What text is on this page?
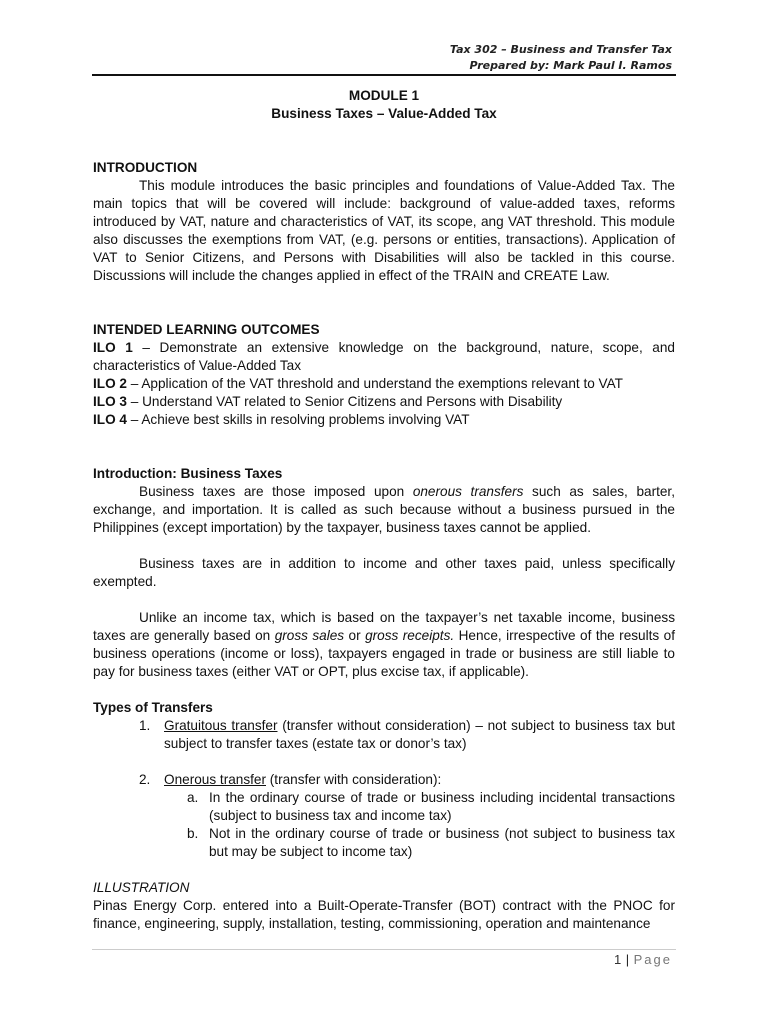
Tax 302 – Business and Transfer Tax
Prepared by: Mark Paul I. Ramos
MODULE 1
Business Taxes – Value-Added Tax

INTRODUCTION

This module introduces the basic principles and foundations of Value-Added Tax. The main topics that will be covered will include: background of value-added taxes, reforms introduced by VAT, nature and characteristics of VAT, its scope, ang VAT threshold. This module also discusses the exemptions from VAT, (e.g. persons or entities, transactions). Application of VAT to Senior Citizens, and Persons with Disabilities will also be tackled in this course. Discussions will include the changes applied in effect of the TRAIN and CREATE Law.

INTENDED LEARNING OUTCOMES

ILO 1 – Demonstrate an extensive knowledge on the background, nature, scope, and characteristics of Value-Added Tax

ILO 2 – Application of the VAT threshold and understand the exemptions relevant to VAT

ILO 3 – Understand VAT related to Senior Citizens and Persons with Disability

ILO 4 – Achieve best skills in resolving problems involving VAT

Introduction: Business Taxes

Business taxes are those imposed upon onerous transfers such as sales, barter, exchange, and importation. It is called as such because without a business pursued in the Philippines (except importation) by the taxpayer, business taxes cannot be applied.

Business taxes are in addition to income and other taxes paid, unless specifically exempted.

Unlike an income tax, which is based on the taxpayer’s net taxable income, business taxes are generally based on gross sales or gross receipts. Hence, irrespective of the results of business operations (income or loss), taxpayers engaged in trade or business are still liable to pay for business taxes (either VAT or OPT, plus excise tax, if applicable).

Types of Transfers

1. Gratuitous transfer (transfer without consideration) – not subject to business tax but subject to transfer taxes (estate tax or donor’s tax)

2. Onerous transfer (transfer with consideration):

a. In the ordinary course of trade or business including incidental transactions (subject to business tax and income tax)

b. Not in the ordinary course of trade or business (not subject to business tax but may be subject to income tax)

ILLUSTRATION

Pinas Energy Corp. entered into a Built-Operate-Transfer (BOT) contract with the PNOC for finance, engineering, supply, installation, testing, commissioning, operation and maintenance

1 | Page
